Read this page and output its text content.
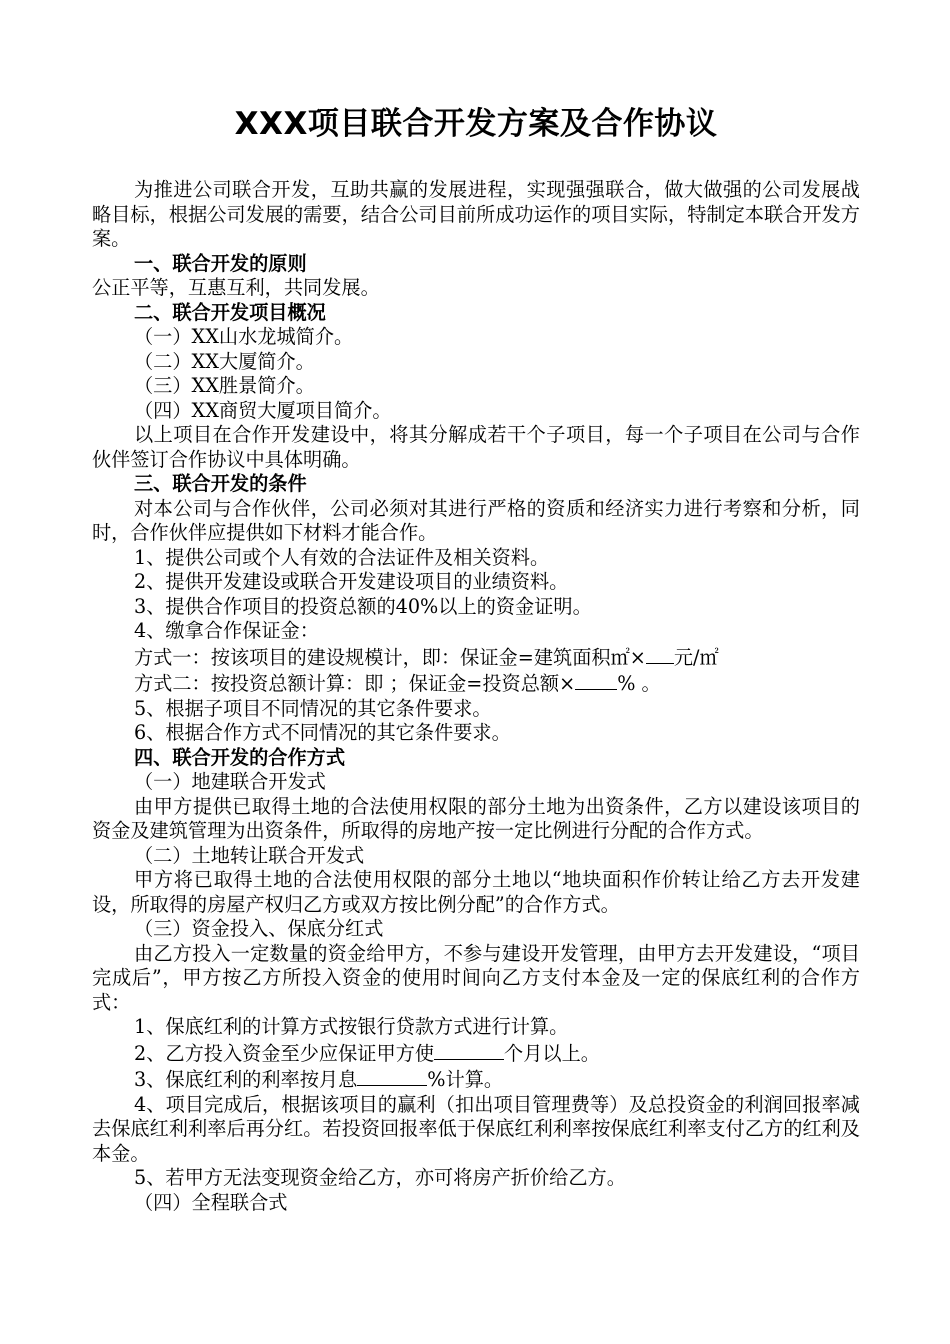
XXX项目联合开发方案及合作协议

为推进公司联合开发，互助共赢的发展进程，实现强强联合，做大做强的公司发展战略目标，根据公司发展的需要，结合公司目前所成功运作的项目实际，特制定本联合开发方案。

一、联合开发的原则

公正平等，互惠互利，共同发展。

二、联合开发项目概况

（一）XX山水龙城简介。

（二）XX大厦简介。

（三）XX胜景简介。

（四）XX商贸大厦项目简介。

以上项目在合作开发建设中，将其分解成若干个子项目，每一个子项目在公司与合作伙伴签订合作协议中具体明确。

三、联合开发的条件

对本公司与合作伙伴，公司必须对其进行严格的资质和经济实力进行考察和分析，同时，合作伙伴应提供如下材料才能合作。

1、提供公司或个人有效的合法证件及相关资料。

2、提供开发建设或联合开发建设项目的业绩资料。

3、提供合作项目的投资总额的40%以上的资金证明。

4、缴拿合作保证金：

方式一：按该项目的建设规模计，即：保证金=建筑面积㎡× 元/㎡

方式二：按投资总额计算：即 ；保证金=投资总额× % 。

5、根据子项目不同情况的其它条件要求。

6、根据合作方式不同情况的其它条件要求。

四、联合开发的合作方式

（一）地建联合开发式

由甲方提供已取得土地的合法使用权限的部分土地为出资条件，乙方以建设该项目的资金及建筑管理为出资条件，所取得的房地产按一定比例进行分配的合作方式。

（二）土地转让联合开发式

甲方将已取得土地的合法使用权限的部分土地以“地块面积作价转让给乙方去开发建设，所取得的房屋产权归乙方或双方按比例分配”的合作方式。

（三）资金投入、保底分红式

由乙方投入一定数量的资金给甲方，不参与建设开发管理，由甲方去开发建设，“项目完成后”，甲方按乙方所投入资金的使用时间向乙方支付本金及一定的保底红利的合作方式：

1、保底红利的计算方式按银行贷款方式进行计算。

2、乙方投入资金至少应保证甲方使	个月以上。

3、保底红利的利率按月息	%计算。

4、项目完成后，根据该项目的赢利（扣出项目管理费等）及总投资金的利润回报率减去保底红利利率后再分红。若投资回报率低于保底红利利率按保底红利率支付乙方的红利及本金。

5、若甲方无法变现资金给乙方，亦可将房产折价给乙方。

（四）全程联合式
